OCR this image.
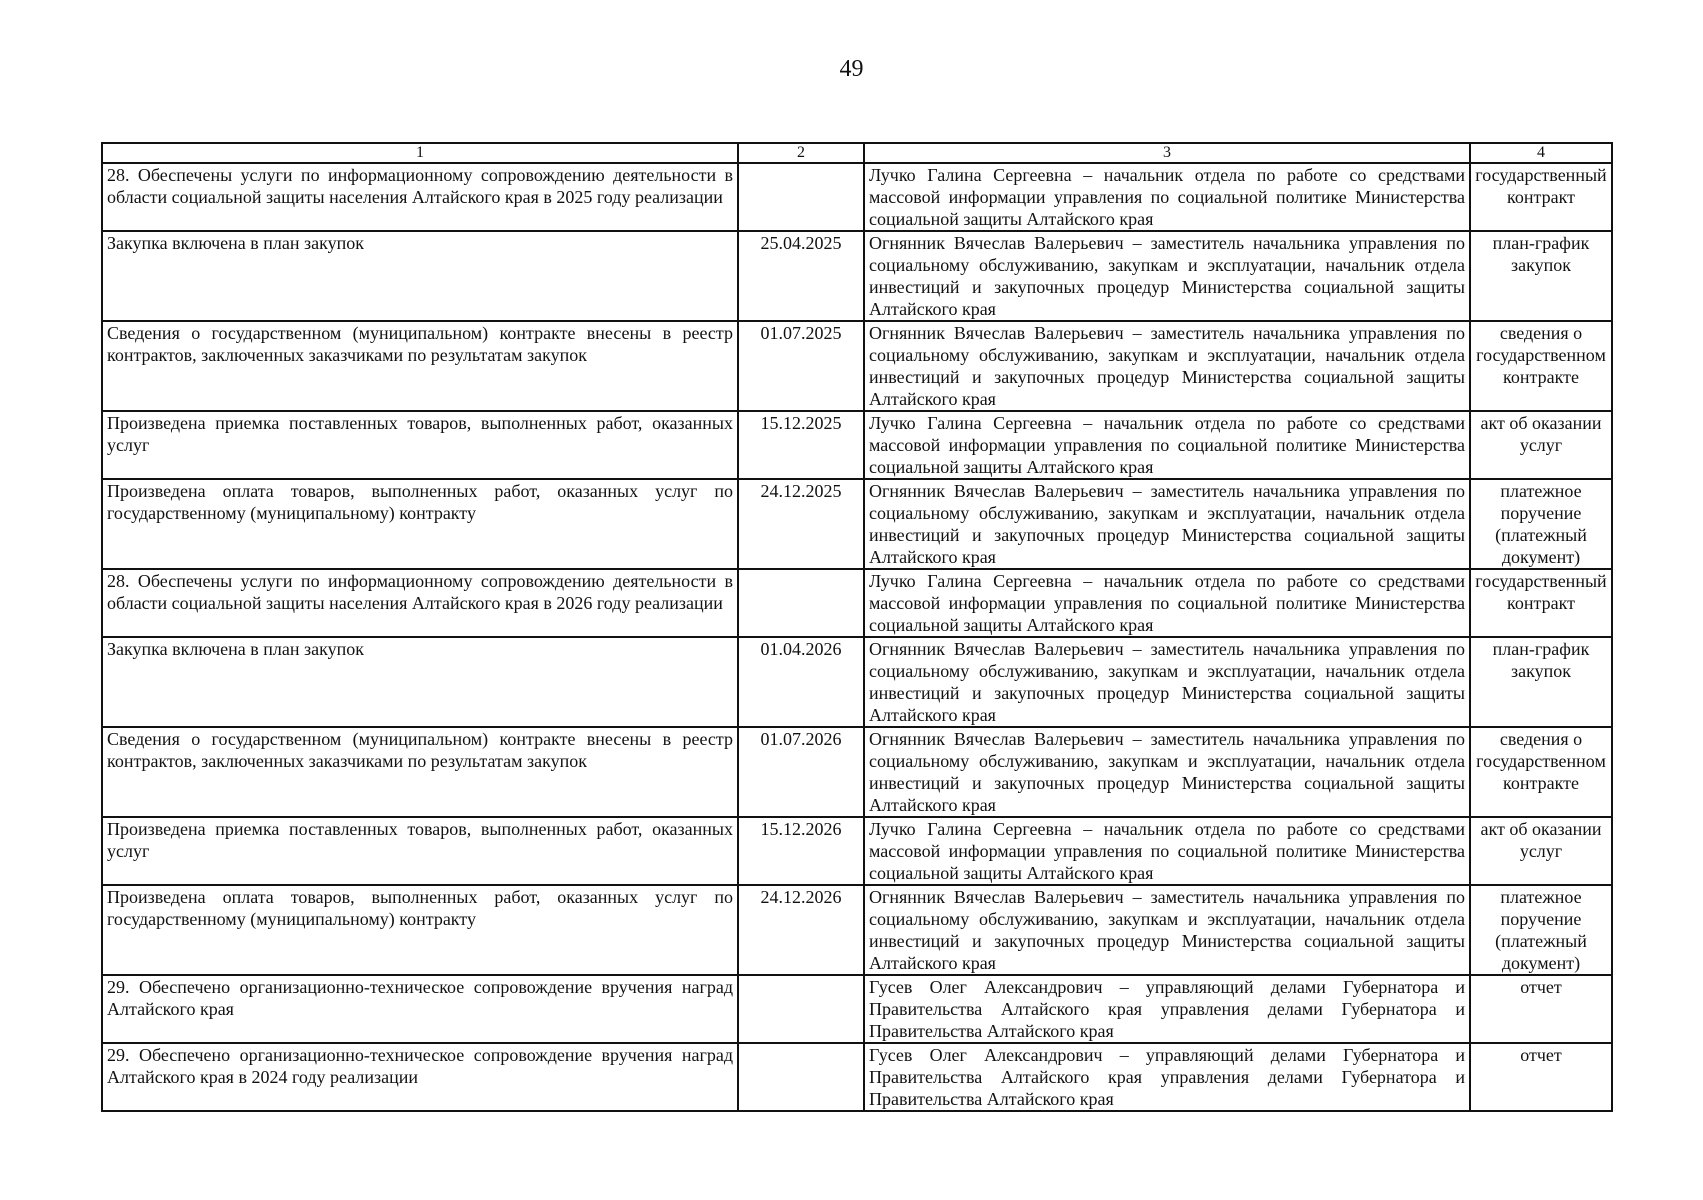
49
1	2	3	4
28. Обеспечены услуги по информационному сопровождению деятельности в области социальной защиты населения Алтайского края в 2025 году реализации		Лучко Галина Сергеевна – начальник отдела по работе со средствами массовой информации управления по социальной политике Министерства социальной защиты Алтайского края	государственный контракт
Закупка включена в план закупок	25.04.2025	Огнянник Вячеслав Валерьевич – заместитель начальника управления по социальному обслуживанию, закупкам и эксплуатации, начальник отдела инвестиций и закупочных процедур Министерства социальной защиты Алтайского края	план-график закупок
Сведения о государственном (муниципальном) контракте внесены в реестр контрактов, заключенных заказчиками по результатам закупок	01.07.2025	Огнянник Вячеслав Валерьевич – заместитель начальника управления по социальному обслуживанию, закупкам и эксплуатации, начальник отдела инвестиций и закупочных процедур Министерства социальной защиты Алтайского края	сведения о государственном контракте
Произведена приемка поставленных товаров, выполненных работ, оказанных услуг	15.12.2025	Лучко Галина Сергеевна – начальник отдела по работе со средствами массовой информации управления по социальной политике Министерства социальной защиты Алтайского края	акт об оказании услуг
Произведена оплата товаров, выполненных работ, оказанных услуг по государственному (муниципальному) контракту	24.12.2025	Огнянник Вячеслав Валерьевич – заместитель начальника управления по социальному обслуживанию, закупкам и эксплуатации, начальник отдела инвестиций и закупочных процедур Министерства социальной защиты Алтайского края	платежное поручение (платежный документ)
28. Обеспечены услуги по информационному сопровождению деятельности в области социальной защиты населения Алтайского края в 2026 году реализации		Лучко Галина Сергеевна – начальник отдела по работе со средствами массовой информации управления по социальной политике Министерства социальной защиты Алтайского края	государственный контракт
Закупка включена в план закупок	01.04.2026	Огнянник Вячеслав Валерьевич – заместитель начальника управления по социальному обслуживанию, закупкам и эксплуатации, начальник отдела инвестиций и закупочных процедур Министерства социальной защиты Алтайского края	план-график закупок
Сведения о государственном (муниципальном) контракте внесены в реестр контрактов, заключенных заказчиками по результатам закупок	01.07.2026	Огнянник Вячеслав Валерьевич – заместитель начальника управления по социальному обслуживанию, закупкам и эксплуатации, начальник отдела инвестиций и закупочных процедур Министерства социальной защиты Алтайского края	сведения о государственном контракте
Произведена приемка поставленных товаров, выполненных работ, оказанных услуг	15.12.2026	Лучко Галина Сергеевна – начальник отдела по работе со средствами массовой информации управления по социальной политике Министерства социальной защиты Алтайского края	акт об оказании услуг
Произведена оплата товаров, выполненных работ, оказанных услуг по государственному (муниципальному) контракту	24.12.2026	Огнянник Вячеслав Валерьевич – заместитель начальника управления по социальному обслуживанию, закупкам и эксплуатации, начальник отдела инвестиций и закупочных процедур Министерства социальной защиты Алтайского края	платежное поручение (платежный документ)
29. Обеспечено организационно-техническое сопровождение вручения наград Алтайского края		Гусев Олег Александрович – управляющий делами Губернатора и Правительства Алтайского края управления делами Губернатора и Правительства Алтайского края	отчет
29. Обеспечено организационно-техническое сопровождение вручения наград Алтайского края в 2024 году реализации		Гусев Олег Александрович – управляющий делами Губернатора и Правительства Алтайского края управления делами Губернатора и Правительства Алтайского края	отчет
